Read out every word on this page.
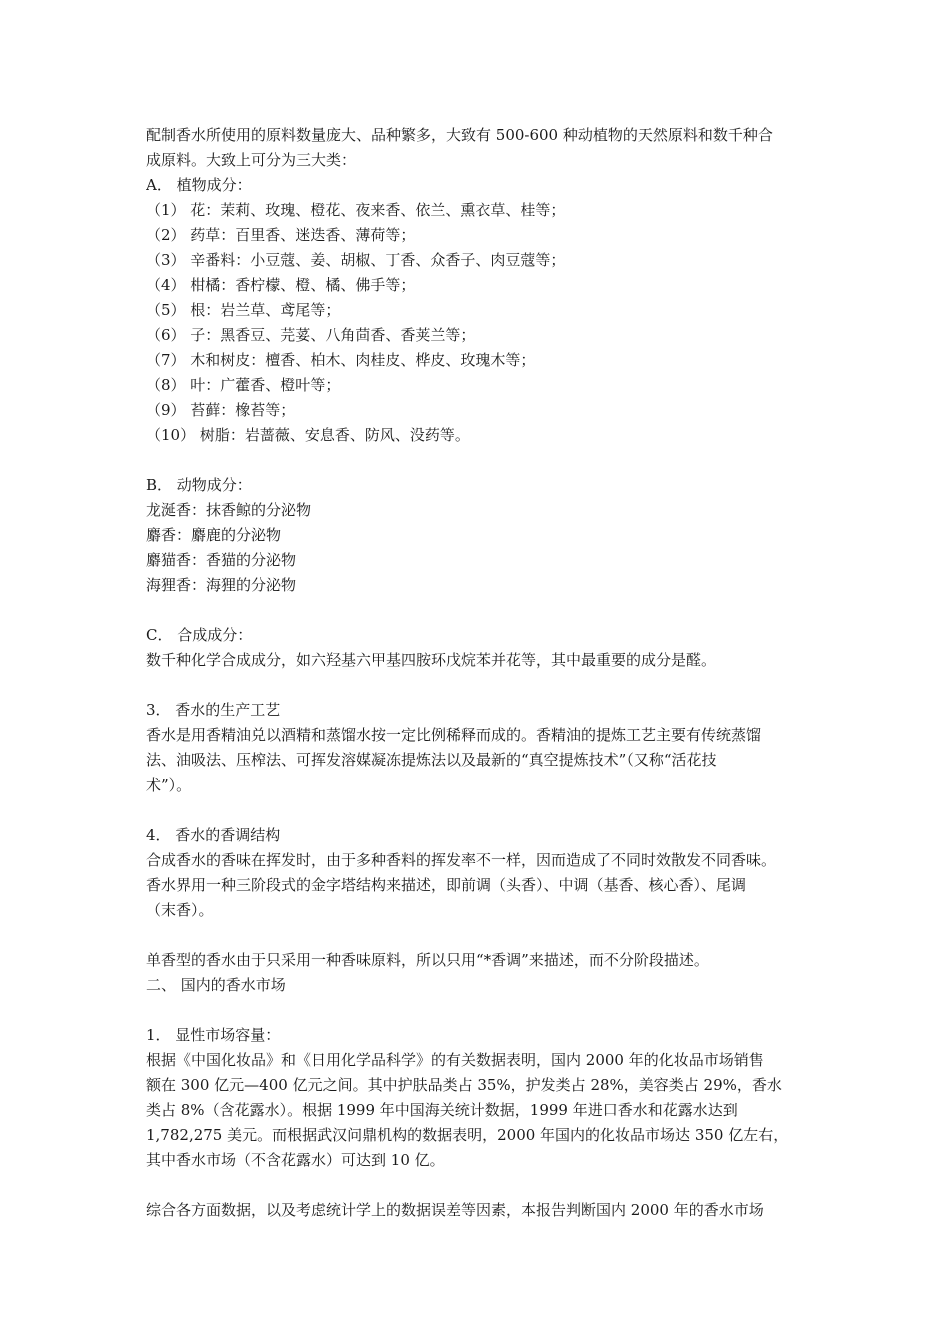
配制香水所使用的原料数量庞大、品种繁多，大致有 500-600 种动植物的天然原料和数千种合
成原料。大致上可分为三大类：
A． 植物成分：
（1） 花：茉莉、玫瑰、橙花、夜来香、依兰、熏衣草、桂等；
（2） 药草：百里香、迷迭香、薄荷等；
（3） 辛番料：小豆蔻、姜、胡椒、丁香、众香子、肉豆蔻等；
（4） 柑橘：香柠檬、橙、橘、佛手等；
（5） 根：岩兰草、鸢尾等；
（6） 子：黑香豆、芫荽、八角茴香、香荚兰等；
（7） 木和树皮：檀香、柏木、肉桂皮、桦皮、玫瑰木等；
（8） 叶：广藿香、橙叶等；
（9） 苔藓：橡苔等；
（10） 树脂：岩蔷薇、安息香、防风、没药等。
B． 动物成分：
龙涎香：抹香鲸的分泌物
麝香：麝鹿的分泌物
麝猫香：香猫的分泌物
海狸香：海狸的分泌物
C． 合成成分：
数千种化学合成成分，如六羟基六甲基四胺环戊烷苯并花等，其中最重要的成分是醛。
3． 香水的生产工艺
香水是用香精油兑以酒精和蒸馏水按一定比例稀释而成的。香精油的提炼工艺主要有传统蒸馏
法、油吸法、压榨法、可挥发溶媒凝冻提炼法以及最新的“真空提炼技术”（又称“活花技
术”）。
4． 香水的香调结构
合成香水的香味在挥发时，由于多种香料的挥发率不一样，因而造成了不同时效散发不同香味。
香水界用一种三阶段式的金字塔结构来描述，即前调（头香）、中调（基香、核心香）、尾调
（末香）。
单香型的香水由于只采用一种香味原料，所以只用“*香调”来描述，而不分阶段描述。
二、 国内的香水市场
1． 显性市场容量：
根据《中国化妆品》和《日用化学品科学》的有关数据表明，国内 2000 年的化妆品市场销售
额在 300 亿元—400 亿元之间。其中护肤品类占 35%，护发类占 28%，美容类占 29%，香水
类占 8%（含花露水）。根据 1999 年中国海关统计数据，1999 年进口香水和花露水达到
1,782,275 美元。而根据武汉问鼎机构的数据表明，2000 年国内的化妆品市场达 350 亿左右，
其中香水市场（不含花露水）可达到 10 亿。
综合各方面数据，以及考虑统计学上的数据误差等因素，本报告判断国内 2000 年的香水市场
